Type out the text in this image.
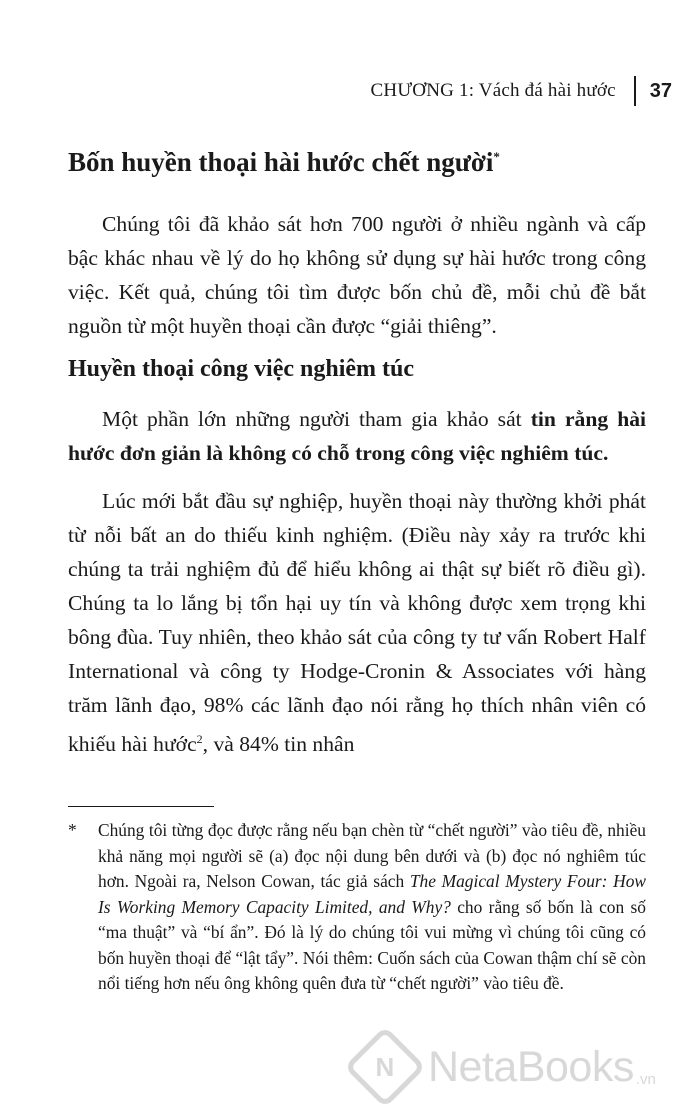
CHƯƠNG 1: Vách đá hài hước 37
Bốn huyền thoại hài hước chết người*

Chúng tôi đã khảo sát hơn 700 người ở nhiều ngành và cấp bậc khác nhau về lý do họ không sử dụng sự hài hước trong công việc. Kết quả, chúng tôi tìm được bốn chủ đề, mỗi chủ đề bắt nguồn từ một huyền thoại cần được “giải thiêng”.

Huyền thoại công việc nghiêm túc

Một phần lớn những người tham gia khảo sát tin rằng hài hước đơn giản là không có chỗ trong công việc nghiêm túc.

Lúc mới bắt đầu sự nghiệp, huyền thoại này thường khởi phát từ nỗi bất an do thiếu kinh nghiệm. (Điều này xảy ra trước khi chúng ta trải nghiệm đủ để hiểu không ai thật sự biết rõ điều gì). Chúng ta lo lắng bị tổn hại uy tín và không được xem trọng khi bông đùa. Tuy nhiên, theo khảo sát của công ty tư vấn Robert Half International và công ty Hodge-Cronin & Associates với hàng trăm lãnh đạo, 98% các lãnh đạo nói rằng họ thích nhân viên có khiếu hài hước$^2$, và 84% tin nhân

*	Chúng tôi từng đọc được rằng nếu bạn chèn từ “chết người” vào tiêu đề, nhiều khả năng mọi người sẽ (a) đọc nội dung bên dưới và (b) đọc nó nghiêm túc hơn. Ngoài ra, Nelson Cowan, tác giả sách The Magical Mystery Four: How Is Working Memory Capacity Limited, and Why? cho rằng số bốn là con số “ma thuật” và “bí ẩn”. Đó là lý do chúng tôi vui mừng vì chúng tôi cũng có bốn huyền thoại để “lật tẩy”. Nói thêm: Cuốn sách của Cowan thậm chí sẽ còn nổi tiếng hơn nếu ông không quên đưa từ “chết người” vào tiêu đề.
N NetaBooks .vn
